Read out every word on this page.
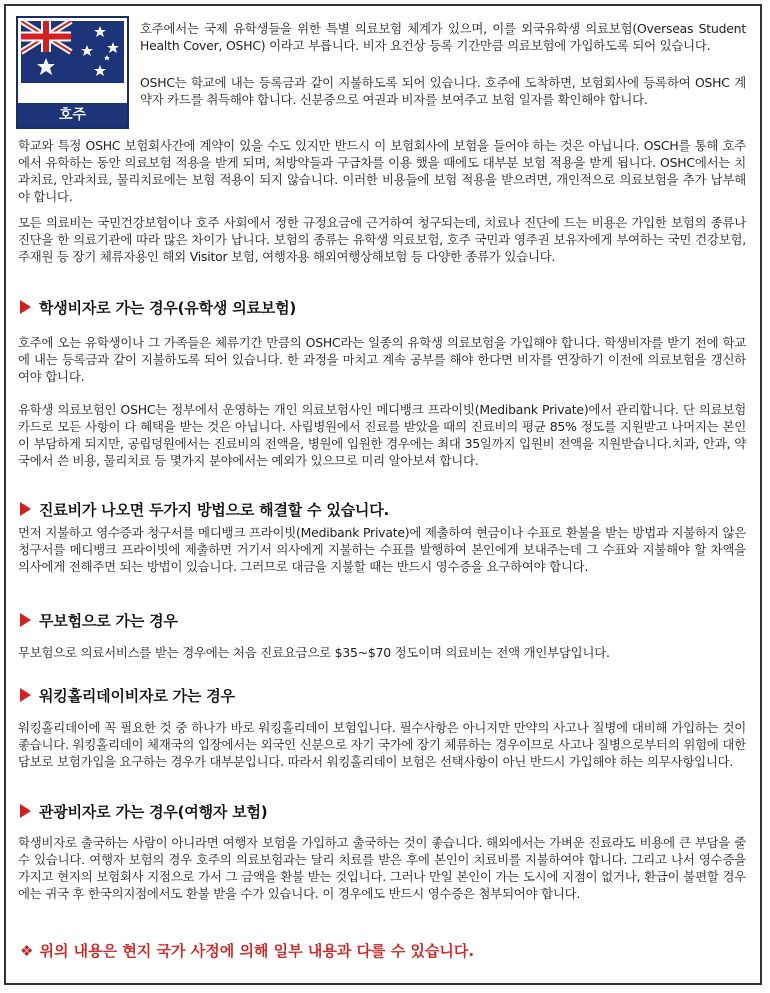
호주

호주에서는 국제 유학생들을 위한 특별 의료보험 체계가 있으며, 이를 외국유학생 의료보험(Overseas Student Health Cover, OSHC) 이라고 부릅니다. 비자 요건상 등록 기간만큼 의료보험에 가입하도록 되어 있습니다.

OSHC는 학교에 내는 등록금과 같이 지불하도록 되어 있습니다. 호주에 도착하면, 보험회사에 등록하여 OSHC 계약자 카드를 취득해야 합니다. 신분증으로 여권과 비자를 보여주고 보험 일자를 확인해야 합니다.

학교와 특정 OSHC 보험회사간에 계약이 있을 수도 있지만 반드시 이 보험회사에 보험을 들어야 하는 것은 아닙니다. OSCH를 통해 호주에서 유학하는 동안 의료보험 적용을 받게 되며, 처방약들과 구급차를 이용 했을 때에도 대부분 보험 적용을 받게 됩니다. OSHC에서는 치과치료, 안과치료, 물리치료에는 보험 적용이 되지 않습니다. 이러한 비용들에 보험 적용을 받으려면, 개인적으로 의료보험을 추가 납부해야 합니다.

모든 의료비는 국민건강보험이나 호주 사회에서 정한 규정요금에 근거하여 청구되는데, 치료나 진단에 드는 비용은 가입한 보험의 종류나 진단을 한 의료기관에 따라 많은 차이가 납니다. 보험의 종류는 유학생 의료보험, 호주 국민과 영주권 보유자에게 부여하는 국민 건강보험, 주재원 등 장기 체류자용인 해외 Visitor 보험, 여행자용 해외여행상해보험 등 다양한 종류가 있습니다.

학생비자로 가는 경우(유학생 의료보험)

호주에 오는 유학생이나 그 가족들은 체류기간 만큼의 OSHC라는 일종의 유학생 의료보험을 가입해야 합니다. 학생비자를 받기 전에 학교에 내는 등록금과 같이 지불하도록 되어 있습니다. 한 과정을 마치고 계속 공부를 해야 한다면 비자를 연장하기 이전에 의료보험을 갱신하여야 합니다.

유학생 의료보험인 OSHC는 정부에서 운영하는 개인 의료보험사인 메디뱅크 프라이빗(Medibank Private)에서 관리합니다. 단 의료보험카드로 모든 사항이 다 혜택을 받는 것은 아닙니다. 사립병원에서 진료를 받았을 때의 진료비의 평균 85% 정도를 지원받고 나머지는 본인이 부담하게 되지만, 공립덩원에서는 진료비의 전액을, 병원에 입원한 경우에는 최대 35일까지 입원비 전액을 지원받습니다.치과, 안과, 약국에서 쓴 비용, 물리치료 등 몇가지 분야에서는 예외가 있으므로 미리 알아보셔 합니다.

진료비가 나오면 두가지 방법으로 해결할 수 있습니다.

먼저 지불하고 영수증과 청구서를 메디뱅크 프라이빗(Medibank Private)에 제출하여 현금이나 수표로 환불을 받는 방법과 지불하지 않은 청구서를 메디뱅크 프라이빗에 제출하면 거기서 의사에게 지불하는 수표를 발행하여 본인에게 보내주는데 그 수표와 지불해야 할 차액을 의사에게 전해주면 되는 방법이 있습니다. 그러므로 대금을 지불할 때는 반드시 영수증을 요구하여야 합니다.

무보험으로 가는 경우

무보험으로 의료서비스를 받는 경우에는 처음 진료요금으로 $35~$70 정도이며 의료비는 전액 개인부담입니다.

워킹홀리데이비자로 가는 경우

워킹홀리데이에 꼭 필요한 것 중 하나가 바로 워킹홀리데이 보험입니다. 필수사항은 아니지만 만약의 사고나 질병에 대비해 가입하는 것이 좋습니다. 워킹홀리데이 체재국의 입장에서는 외국인 신분으로 자기 국가에 장기 체류하는 경우이므로 사고나 질병으로부터의 위험에 대한 담보로 보험가입을 요구하는 경우가 대부분입니다. 따라서 워킹홀리데이 보험은 선택사항이 아닌 반드시 가입해야 하는 의무사항입니다.

관광비자로 가는 경우(여행자 보험)

학생비자로 출국하는 사람이 아니라면 여행자 보험을 가입하고 출국하는 것이 좋습니다. 해외에서는 가벼운 진료라도 비용에 큰 부담을 줄 수 있습니다. 여행자 보험의 경우 호주의 의료보험과는 달리 치료를 받은 후에 본인이 치료비를 지불하여야 합니다. 그리고 나서 영수증을 가지고 현지의 보험회사 지점으로 가서 그 금액을 환불 받는 것입니다. 그러나 만일 본인이 가는 도시에 지점이 없거나, 환급이 불편할 경우에는 귀국 후 한국의지점에서도 환불 받을 수가 있습니다. 이 경우에도 반드시 영수증은 첨부되어야 합니다.

❖ 위의 내용은 현지 국가 사정에 의해 일부 내용과 다를 수 있습니다.
